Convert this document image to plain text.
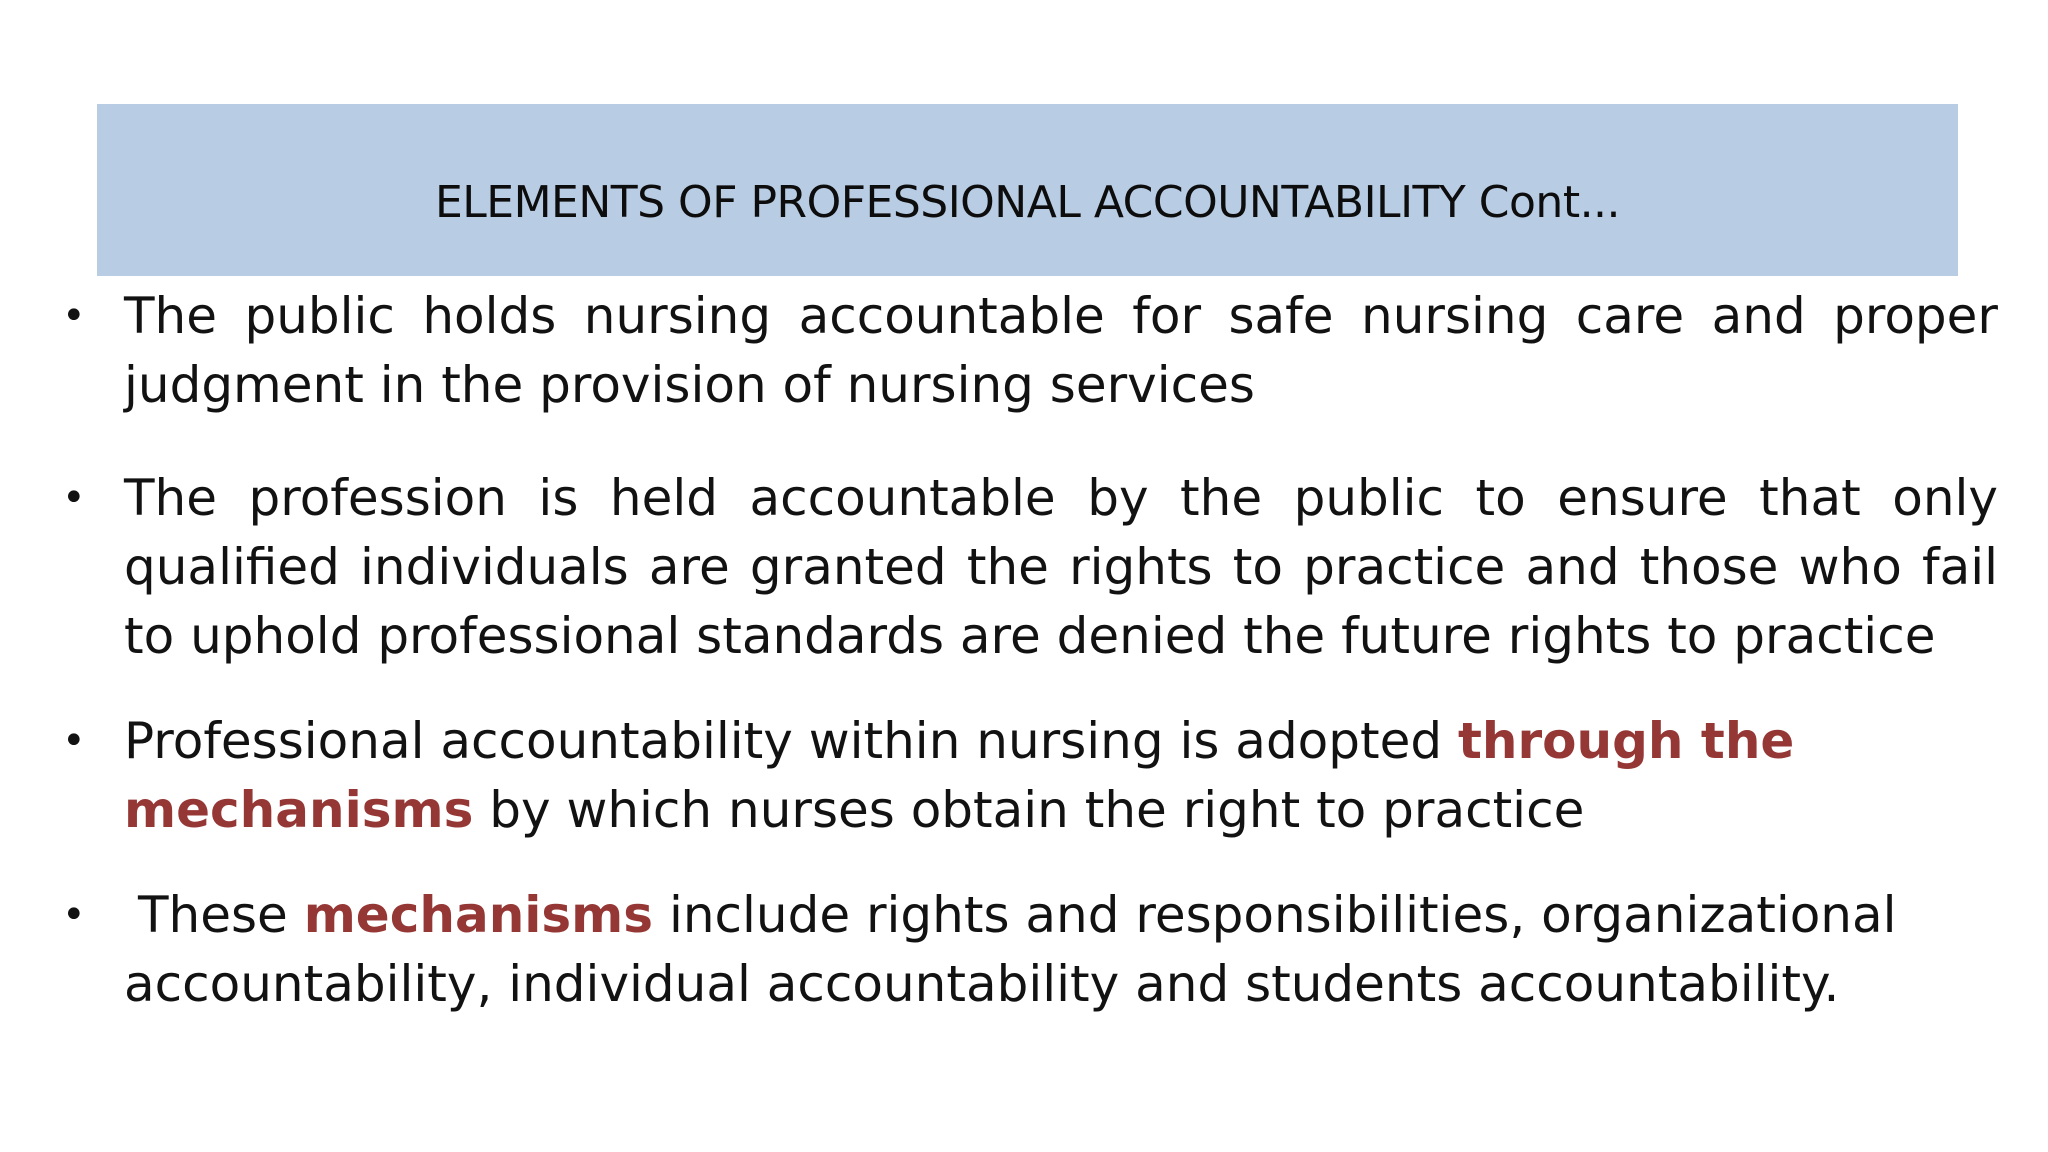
ELEMENTS OF PROFESSIONAL ACCOUNTABILITY Cont...
• The public holds nursing accountable for safe nursing care and proper judgment in the provision of nursing services
• The profession is held accountable by the public to ensure that only qualified individuals are granted the rights to practice and those who fail to uphold professional standards are denied the future rights to practice
• Professional accountability within nursing is adopted through the mechanisms by which nurses obtain the right to practice
• These mechanisms include rights and responsibilities, organizational accountability, individual accountability and students accountability.
